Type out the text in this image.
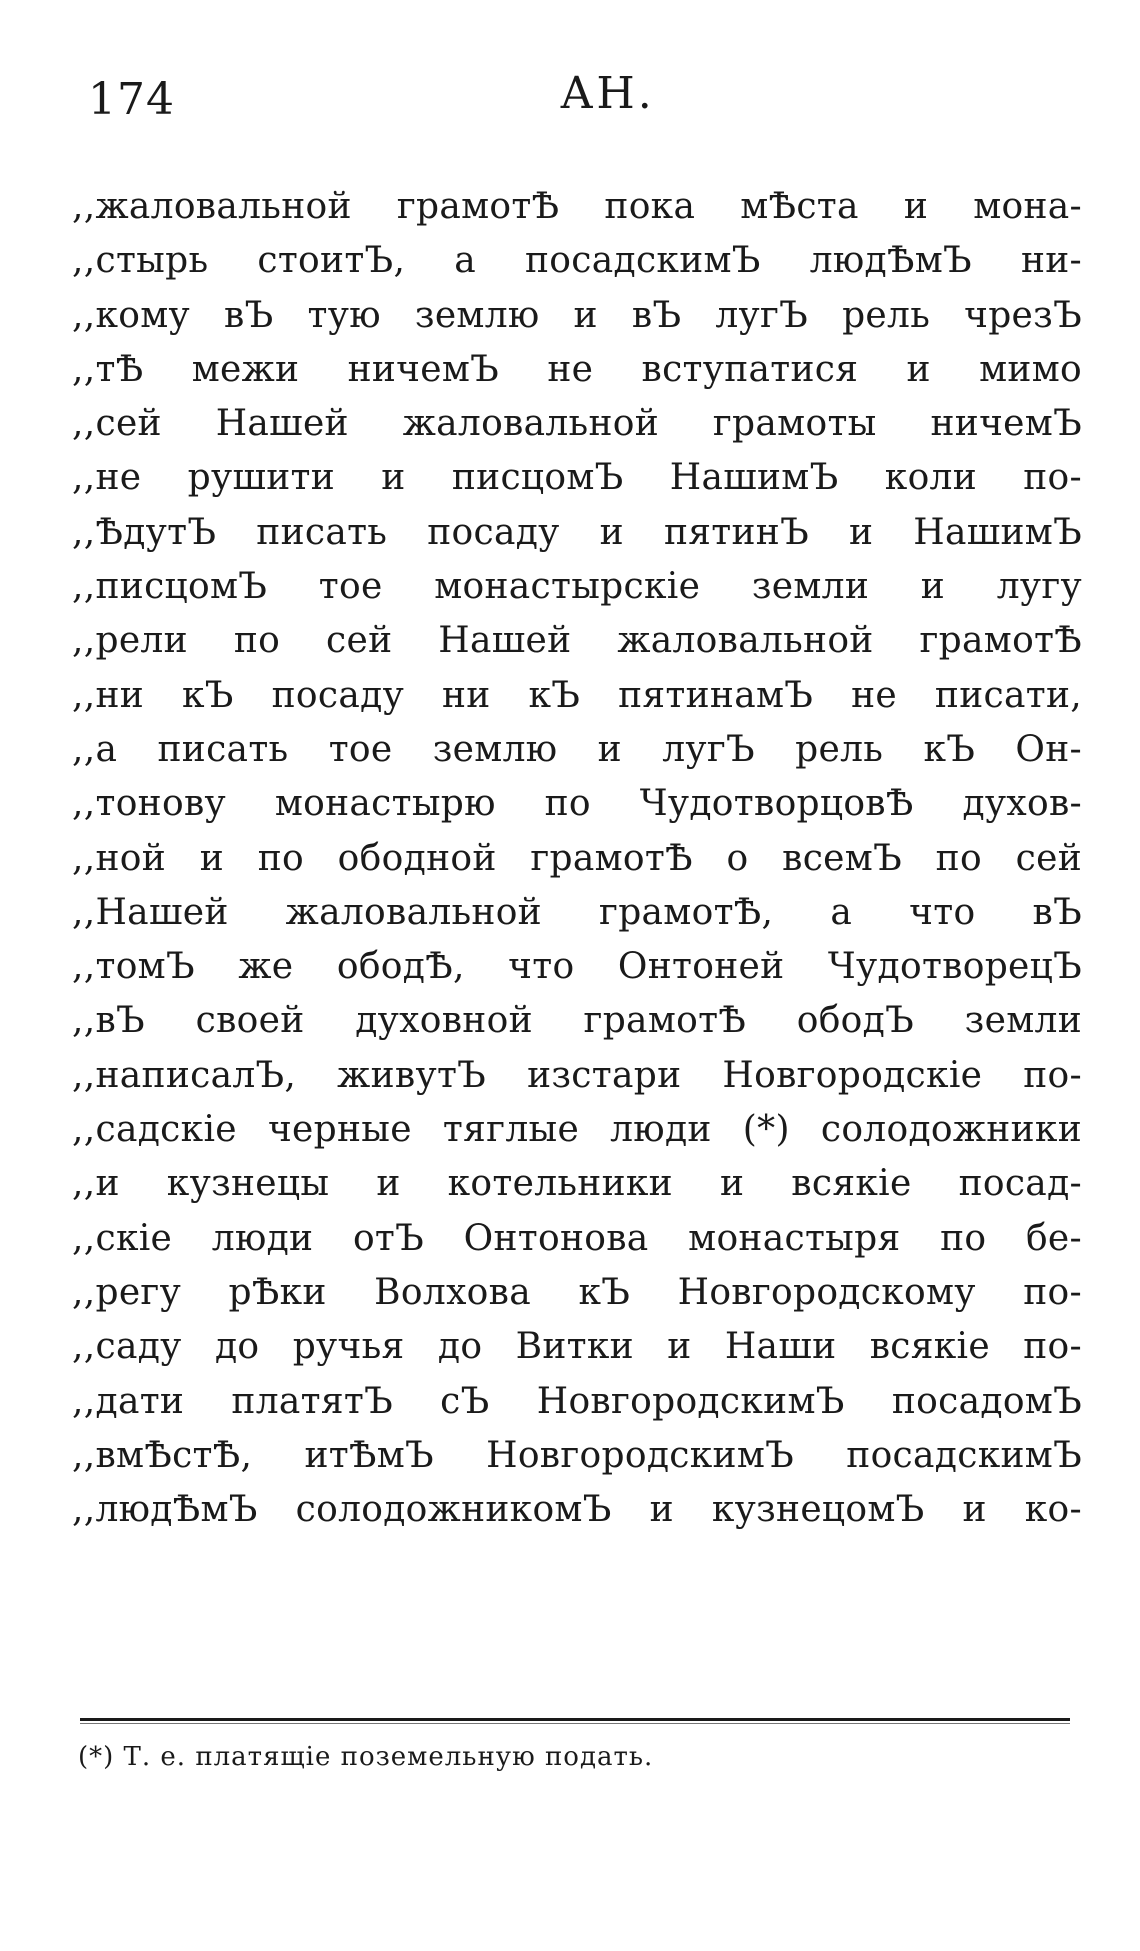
174	АН.
,,жаловальной грамотѢ пока мѢста и мона-
,,стырь стоитЪ, а посадскимЪ людѢмЪ ни-
,,кому вЪ тую землю и вЪ лугЪ рель чрезЪ
,,тѢ межи ничемЪ не вступатися и мимо
,,сей Нашей жаловальной грамоты ничемЪ
,,не рушити и писцомЪ НашимЪ коли по-
,,ѢдутЪ писать посаду и пятинЪ и НашимЪ
,,писцомЪ тое монастырскіе земли и лугу
,,рели по сей Нашей жаловальной грамотѢ
,,ни кЪ посаду ни кЪ пятинамЪ не писати,
,,а писать тое землю и лугЪ рель кЪ Он-
,,тонову монастырю по ЧудотворцовѢ духов-
,,ной и по ободной грамотѢ о всемЪ по сей
,,Нашей жаловальной грамотѢ, а что вЪ
,,томЪ же ободѢ, что Онтоней ЧудотворецЪ
,,вЪ своей духовной грамотѢ ободЪ земли
,,написалЪ, живутЪ изстари Новгородскіе по-
,,садскіе черные тяглые люди (*) солодожники
,,и кузнецы и котельники и всякіе посад-
,,скіе люди отЪ Онтонова монастыря по бе-
,,регу рѢки Волхова кЪ Новгородскому по-
,,саду до ручья до Витки и Наши всякіе по-
,,дати платятЪ сЪ НовгородскимЪ посадомЪ
,,вмѢстѢ, итѢмЪ НовгородскимЪ посадскимЪ
,,людѢмЪ солодожникомЪ и кузнецомЪ и ко-
(*) Т. е. платящіе поземельную подать.
